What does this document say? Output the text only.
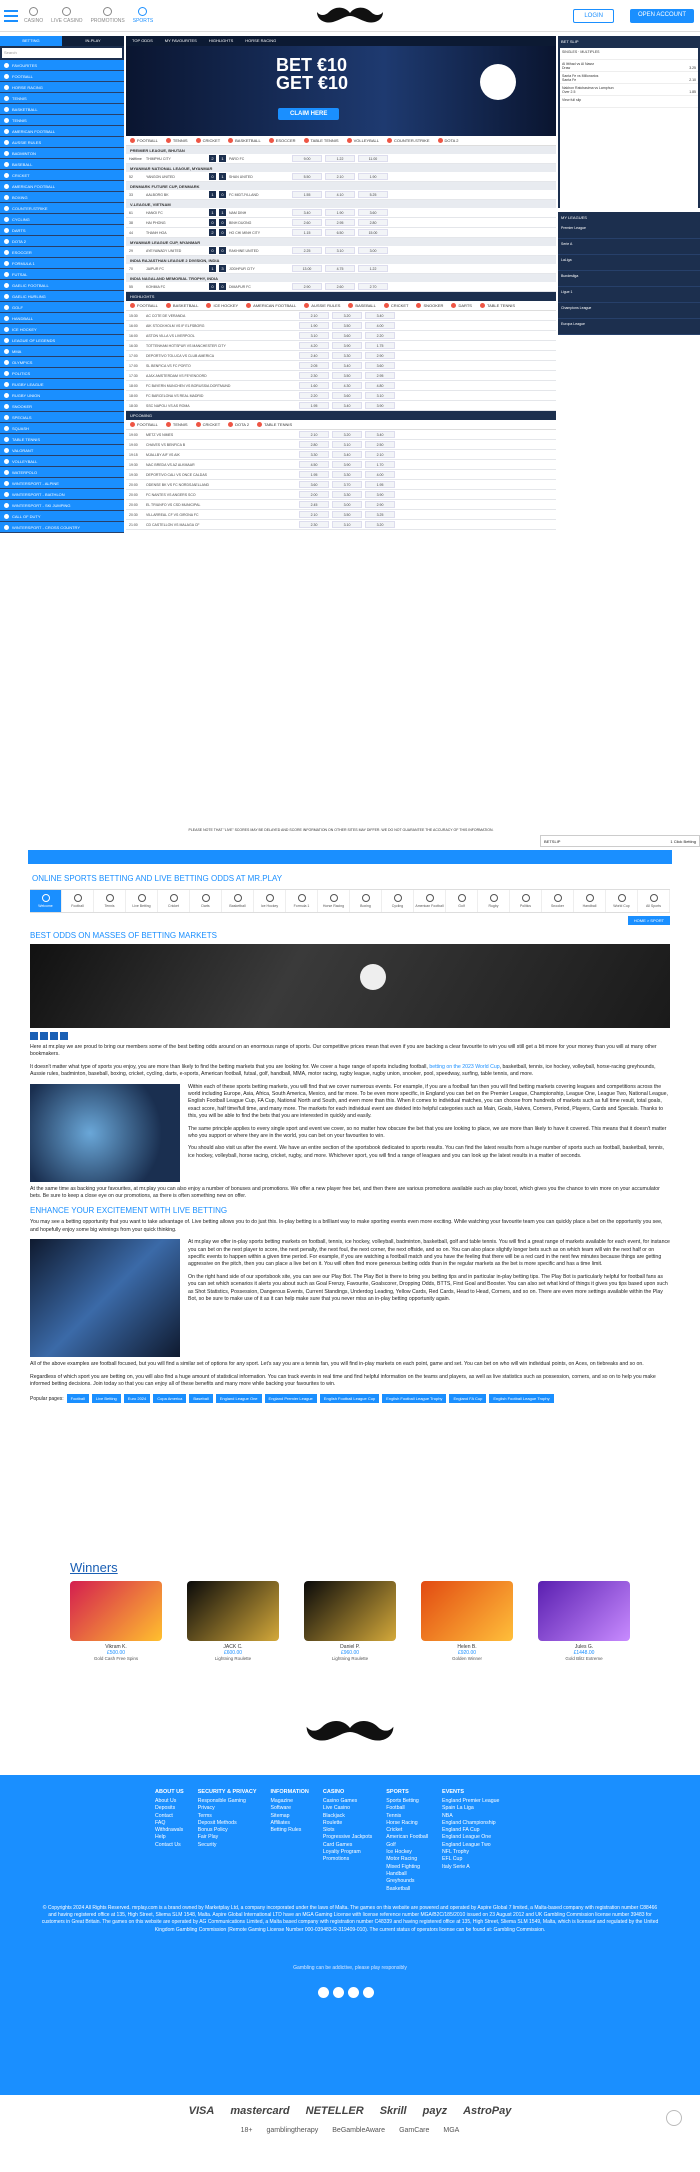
CASINO LIVE CASINO PROMOTIONS SPORTS
LOGIN	OPEN ACCOUNT
BETTING	IN-PLAY
Search
FAVOURITES
FOOTBALL
HORSE RACING
TENNIS
BASKETBALL
TENNIS
AMERICAN FOOTBALL
AUSSIE RULES
BADMINTON
BASEBALL
CRICKET
AMERICAN FOOTBALL
BOXING
COUNTER-STRIKE
CYCLING
DARTS
DOTA 2
ESOCCER
FORMULA 1
FUTSAL
GAELIC FOOTBALL
GAELIC HURLING
GOLF
HANDBALL
ICE HOCKEY
LEAGUE OF LEGENDS
MMA
OLYMPICS
POLITICS
RUGBY LEAGUE
RUGBY UNION
SNOOKER
SPECIALS
SQUASH
TABLE TENNIS
VALORANT
VOLLEYBALL
WATERPOLO
WINTERSPORT - ALPINE
WINTERSPORT - BIATHLON
WINTERSPORT - SKI JUMPING
CALL OF DUTY
WINTERSPORT - CROSS COUNTRY
TOP ODDS	MY FAVOURITES	HIGHLIGHTS	HORSE RACING
BET €10
GET €10
CLAIM HERE
FOOTBALL	TENNIS	CRICKET	BASKETBALL	ESOCCER	TABLE TENNIS	VOLLEYBALL	COUNTER-STRIKE	DOTA 2
PREMIER LEAGUE, BHUTAN
Halftime	THIMPHU CITY	2	1	PARO FC	9.00	1.22	11.00
MYANMAR NATIONAL LEAGUE, MYANMAR
52	YANGON UNITED	0	1	SHAN UNITED	5.50	2.10	1.90
DENMARK FUTURE CUP, DENMARK
33	AALBORG BK	1	0	FC MIDTJYLLAND	1.55	4.10	5.25
V-LEAGUE, VIETNAM
61	HANOI FC	1	1	NAM DINH	3.40	1.90	3.60
38	HAI PHONG	0	0	BINH DUONG	2.60	2.95	2.80
44	THANH HOA	2	0	HO CHI MINH CITY	1.15	6.50	15.00
MYANMAR LEAGUE CUP, MYANMAR
29	AYEYAWADY UNITED	0	0	RAKHINE UNITED	2.25	3.10	3.00
INDIA RAJASTHAN LEAGUE 2 DIVISION, INDIA
70	JAIPUR FC	1	3	JODHPUR CITY	13.00	4.75	1.22
INDIA NAGALAND MEMORIAL TROPHY, INDIA
55	KOHIMA FC	0	0	DIMAPUR FC	2.90	2.60	2.70
HIGHLIGHTS
FOOTBALL	BASKETBALL	ICE HOCKEY	AMERICAN FOOTBALL	AUSSIE RULES	BASEBALL	CRICKET	SNOOKER	DARTS	TABLE TENNIS
15:30	AC COTE DE VERANDA	2.10	3.20	3.40
16:00	AIK STOCKHOLM VS IF ELFSBORG	1.90	3.50	4.00
16:00	ASTON VILLA VS LIVERPOOL	3.10	3.60	2.20
16:30	TOTTENHAM HOTSPUR VS MANCHESTER CITY	4.20	3.90	1.75
17:00	DEPORTIVO TOLUCA VS CLUB AMERICA	2.40	3.30	2.90
17:00	SL BENFICA VS FC PORTO	2.05	3.40	3.60
17:30	AJAX AMSTERDAM VS FEYENOORD	2.30	3.50	2.95
18:00	FC BAYERN MUNCHEN VS BORUSSIA DORTMUND	1.60	4.30	4.80
18:00	FC BARCELONA VS REAL MADRID	2.20	3.60	3.10
18:30	SSC NAPOLI VS AS ROMA	1.95	3.40	3.90
UPCOMING
FOOTBALL	TENNIS	CRICKET	DOTA 2	TABLE TENNIS
19:00	METZ VS NIMES	2.10	3.20	3.40
19:00	CHAVES VS BENFICA B	2.80	3.10	2.50
19:15	MJALLBY AIF VS AIK	3.30	3.40	2.10
19:30	NAC BREDA VS AZ ALKMAAR	4.50	3.90	1.70
19:30	DEPORTIVO CALI VS ONCE CALDAS	1.95	3.30	4.00
20:00	ODENSE BK VS FC NORDSJAELLAND	3.60	3.70	1.95
20:00	FC NANTES VS ANGERS SCO	2.00	3.30	3.90
20:00	EL TRIUNFO VS CSD MUNICIPAL	2.45	3.00	2.90
20:30	VILLARREAL CF VS GIRONA FC	2.10	3.50	3.25
21:00	CD CASTELLON VS MALAGA CF	2.30	3.10	3.20
BET SLIP
SINGLES · MULTIPLES
Al Ittihad vs Al Nassr
Draw	3.25
Santa Fe vs Millonarios
Santa Fe	2.10
Nakhon Ratchasima vs Lamphun
Over 2.5	1.85
View full slip
MY LEAGUES
Premier League
Serie A
LaLiga
Bundesliga
Ligue 1
Champions League
Europa League
PLEASE NOTE THAT "LIVE" SCORES MAY BE DELAYED AND SCORE INFORMATION ON OTHER SITES MAY DIFFER. WE DO NOT GUARANTEE THE ACCURACY OF THIS INFORMATION.
BETSLIP	1 Click Betting
ONLINE SPORTS BETTING AND LIVE BETTING ODDS AT MR.PLAY
Welcome	Football	Tennis	Live Betting	Cricket	Darts	Basketball	Ice Hockey	Formula 1	Horse Racing	Boxing	Cycling	American Football	Golf	Rugby	Politics	Snooker	Handball	World Cup	All Sports
HOME > SPORT
BEST ODDS ON MASSES OF BETTING MARKETS
Here at mr.play we are proud to bring our members some of the best betting odds around on an enormous range of sports. Our competitive prices mean that even if you are backing a clear favourite to win you will still get a bit more for your money than you will at many other bookmakers.
It doesn't matter what type of sports you enjoy, you are more than likely to find the betting markets that you are looking for. We cover a huge range of sports including football, betting on the 2023 World Cup, basketball, tennis, ice hockey, volleyball, horse-racing greyhounds, Aussie rules, badminton, baseball, boxing, cricket, cycling, darts, e-sports, American football, futsal, golf, handball, MMA, motor racing, rugby league, rugby union, snooker, pool, speedway, surfing, table tennis, and more.
Within each of these sports betting markets, you will find that we cover numerous events. For example, if you are a football fan then you will find betting markets covering leagues and competitions across the world including Europe, Asia, Africa, South America, Mexico, and far more. To be even more specific, in England you can bet on the Premier League, Championship, League One, League Two, National League, English Football League Cup, FA Cup, National North and South, and even more than this. When it comes to individual matches, you can choose from hundreds of markets such as full time result, total goals, exact score, half time/full time, and many more. The markets for each individual event are divided into helpful categories such as Main, Goals, Halves, Corners, Period, Players, Cards and Specials. Thanks to this, you will be able to find the bets that you are interested in quickly and easily.
The same principle applies to every single sport and event we cover, so no matter how obscure the bet that you are looking to place, we are more than likely to have it covered. This means that it doesn't matter who you support or where they are in the world, you can bet on your favourites to win.
You should also visit us after the event. We have an entire section of the sportsbook dedicated to sports results. You can find the latest results from a huge number of sports such as football, basketball, tennis, ice hockey, volleyball, horse racing, cricket, rugby, and more. Whichever sport, you will find a range of leagues and you can look up the latest results in a matter of seconds.
At the same time as backing your favourites, at mr.play you can also enjoy a number of bonuses and promotions. We offer a new player free bet, and then there are various promotions available such as play boost, which gives you the chance to win more on your accumulator bets. Be sure to keep a close eye on our promotions, as there is often something new on offer.
ENHANCE YOUR EXCITEMENT WITH LIVE BETTING
You may see a betting opportunity that you want to take advantage of. Live betting allows you to do just this. In-play betting is a brilliant way to make sporting events even more exciting. While watching your favourite team you can quickly place a bet on the opportunity you see, and hopefully enjoy some big winnings from your quick thinking.
At mr.play we offer in-play sports betting markets on football, tennis, ice hockey, volleyball, badminton, basketball, golf and table tennis. You will find a great range of markets available for each event, for instance you can bet on the next player to score, the next penalty, the next foul, the next corner, the next offside, and so on. You can also place slightly longer bets such as on which team will win the next half or on specific events to happen within a given time period. For example, if you are watching a football match and you have the feeling that there will be a red card in the next few minutes because things are getting aggressive on the pitch, then you can place a live bet on it. You will often find more generous betting odds than in the regular markets as the bet is more specific and has a time limit.
On the right hand side of our sportsbook site, you can see our Play Bot. The Play Bot is there to bring you betting tips and in particular in-play betting tips. The Play Bot is particularly helpful for football fans as you can set which scenarios it alerts you about such as Goal Frenzy, Favourite, Goalscorer, Dropping Odds, BTTS, First Goal and Booster. You can also set what kind of things it gives you tips based upon such as Shot Statistics, Possession, Dangerous Events, Current Standings, Underdog Leading, Yellow Cards, Red Cards, Head to Head, Corners, and so on. There are even more settings available within the Play Bot, so be sure to make use of it as it can help make sure that you never miss an in-play betting opportunity again.
All of the above examples are football focused, but you will find a similar set of options for any sport. Let's say you are a tennis fan, you will find in-play markets on each point, game and set. You can bet on who will win individual points, on Aces, on tiebreaks and so on.
Regardless of which sport you are betting on, you will also find a huge amount of statistical information. You can track events in real time and find helpful information on the teams and players, as well as live statistics such as possession, corners, and so on to help you make informed betting decisions. Join today so that you can enjoy all of these benefits and many more while backing your favourites to win.
Popular pages:	Football	Live Betting	Euro 2024	Copa America	Baseball	England League One	England Premier League	English Football League Cup	English Football League Trophy	England FA Cup	English Football League Trophy
Winners
Vikram K.
£500.00
Gold Cash Free Spins
JACK C.
£600.00
Lightning Roulette
Daniel P.
£960.00
Lightning Roulette
Helen B.
£920.00
Golden Winner
Jules G.
£1448.00
Gold Blitz Extreme
ABOUT US
About Us
Deposits
Contact
FAQ
Withdrawals
Help
Contact Us
SECURITY & PRIVACY
Responsible Gaming
Privacy
Terms
Deposit Methods
Bonus Policy
Fair Play
Security
INFORMATION
Magazine
Software
Sitemap
Affiliates
Betting Rules
CASINO
Casino Games
Live Casino
Blackjack
Roulette
Slots
Progressive Jackpots
Card Games
Loyalty Program
Promotions
SPORTS
Sports Betting
Football
Tennis
Horse Racing
Cricket
American Football
Golf
Ice Hockey
Motor Racing
Mixed Fighting
Handball
Greyhounds
Basketball
EVENTS
England Premier League
Spain La Liga
NBA
England Championship
England FA Cup
England League One
England League Two
NFL Trophy
EFL Cup
Italy Serie A
© Copyrights 2024 All Rights Reserved. mrplay.com is a brand owned by Marketplay Ltd, a company incorporated under the laws of Malta. The games on this website are powered and operated by Aspire Global 7 limited, a Malta-based company with registration number C88466 and having registered office at 135, High Street, Sliema SLM 1548, Malta. Aspire Global International LTD have an MGA Gaming License with license reference number MGA/B2C/185/2010 issued on 23 August 2012 and UK Gambling Commission license number 39483 for customers in Great Britain. The games on this website are operated by AG Communications Limited, a Malta based company with registration number C48339 and having registered office at 135, High Street, Sliema SLM 1549, Malta, which is licensed and regulated by the United Kingdom Gambling Commission (Remote Gaming License Number 000-039483-R-319409-010). The current status of operators license can be found at: Gambling Commission.
Gambling can be addictive, please play responsibly
VISA mastercard NETELLER Skrill payz AstroPay
18+ gamblingtherapy BeGambleAware GamCare MGA
